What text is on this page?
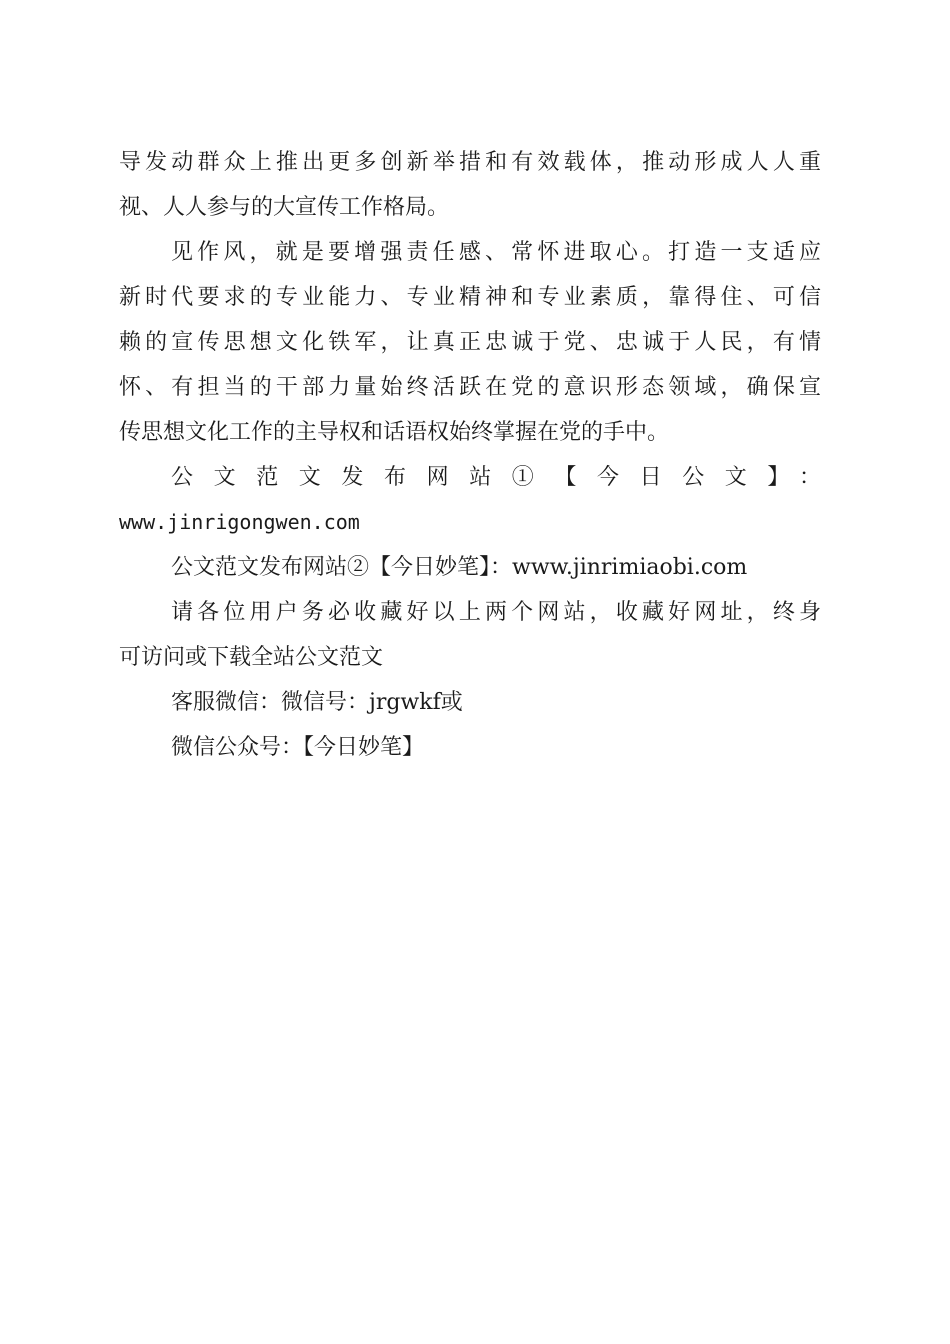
导发动群众上推出更多创新举措和有效载体，推动形成人人重
视、人人参与的大宣传工作格局。
见作风，就是要增强责任感、常怀进取心。打造一支适应
新时代要求的专业能力、专业精神和专业素质，靠得住、可信
赖的宣传思想文化铁军，让真正忠诚于党、忠诚于人民，有情
怀、有担当的干部力量始终活跃在党的意识形态领域，确保宣
传思想文化工作的主导权和话语权始终掌握在党的手中。
公文范文发布网站①【今日公文】：
www.jinrigongwen.com
公文范文发布网站②【今日妙笔】：www.jinrimiaobi.com
请各位用户务必收藏好以上两个网站，收藏好网址，终身
可访问或下载全站公文范文
客服微信：微信号：jrgwkf或
微信公众号：【今日妙笔】
